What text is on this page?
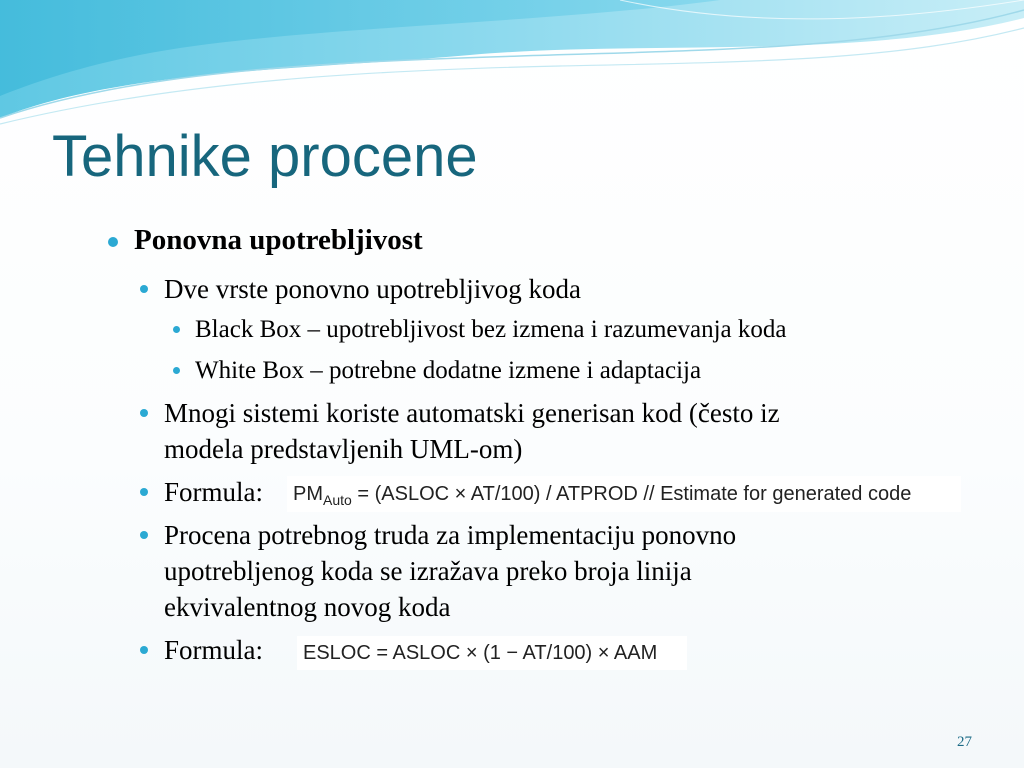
Tehnike procene
Ponovna upotrebljivost
Dve vrste ponovno upotrebljivog koda
Black Box – upotrebljivost bez izmena i razumevanja koda
White Box – potrebne dodatne izmene i adaptacija
Mnogi sistemi koriste automatski generisan kod (često iz
modela predstavljenih UML-om)
Formula:	$PM_{Auto}$ = (ASLOC × AT/100) / ATPROD // Estimate for generated code
Procena potrebnog truda za implementaciju ponovno
upotrebljenog koda se izražava preko broja linija
ekvivalentnog novog koda
Formula:	ESLOC = ASLOC × (1 − AT/100) × AAM
27
